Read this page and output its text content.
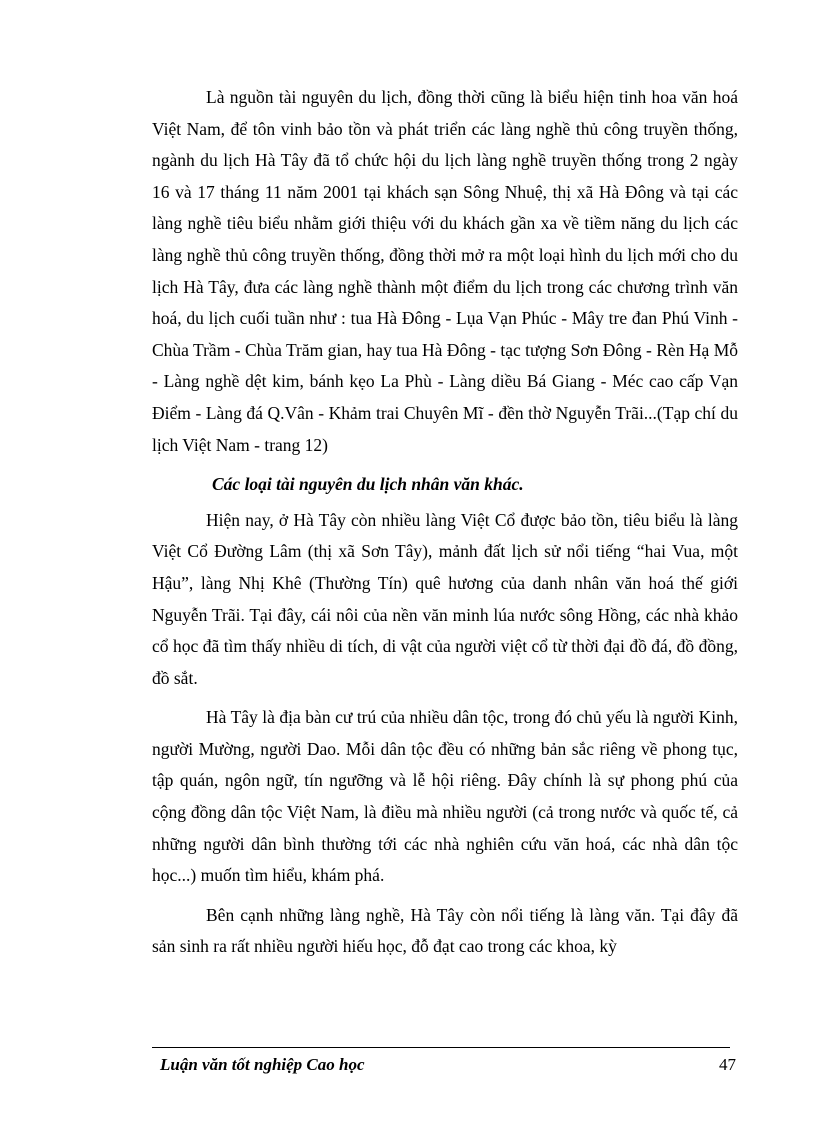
Là nguồn tài nguyên du lịch, đồng thời cũng là biểu hiện tinh hoa văn hoá Việt Nam, để tôn vinh bảo tồn và phát triển các làng nghề thủ công truyền thống, ngành du lịch Hà Tây đã tổ chức hội du lịch làng nghề truyền thống trong 2 ngày 16 và 17 tháng 11 năm 2001 tại khách sạn Sông Nhuệ, thị xã Hà Đông và tại các làng nghề tiêu biểu nhằm giới thiệu với du khách gần xa về tiềm năng du lịch các làng nghề thủ công truyền thống, đồng thời mở ra một loại hình du lịch mới cho du lịch Hà Tây, đưa các làng nghề thành một điểm du lịch trong các chương trình văn hoá, du lịch cuối tuần như : tua Hà Đông - Lụa Vạn Phúc - Mây tre đan Phú Vinh - Chùa Trầm - Chùa Trăm gian, hay tua Hà Đông - tạc tượng Sơn Đông - Rèn Hạ Mỗ - Làng nghề dệt kim, bánh kẹo La Phù - Làng diều Bá Giang - Méc cao cấp Vạn Điểm - Làng đá Q.Vân - Khảm trai Chuyên Mĩ - đền thờ Nguyễn Trãi...(Tạp chí du lịch Việt Nam - trang 12)

Các loại tài nguyên du lịch nhân văn khác.

Hiện nay, ở Hà Tây còn nhiều làng Việt Cổ được bảo tồn, tiêu biểu là làng Việt Cổ Đường Lâm (thị xã Sơn Tây), mảnh đất lịch sử nổi tiếng “hai Vua, một Hậu”, làng Nhị Khê (Thường Tín) quê hương của danh nhân văn hoá thế giới Nguyễn Trãi. Tại đây, cái nôi của nền văn minh lúa nước sông Hồng, các nhà khảo cổ học đã tìm thấy nhiều di tích, di vật của người việt cổ từ thời đại đồ đá, đồ đồng, đồ sắt.

Hà Tây là địa bàn cư trú của nhiều dân tộc, trong đó chủ yếu là người Kinh, người Mường, người Dao. Mỗi dân tộc đều có những bản sắc riêng về phong tục, tập quán, ngôn ngữ, tín ngưỡng và lễ hội riêng. Đây chính là sự phong phú của cộng đồng dân tộc Việt Nam, là điều mà nhiều người (cả trong nước và quốc tế, cả những người dân bình thường tới các nhà nghiên cứu văn hoá, các nhà dân tộc học...) muốn tìm hiểu, khám phá.

Bên cạnh những làng nghề, Hà Tây còn nổi tiếng là làng văn. Tại đây đã sản sinh ra rất nhiều người hiếu học, đỗ đạt cao trong các khoa, kỳ

Luận văn tốt nghiệp Cao học	47
